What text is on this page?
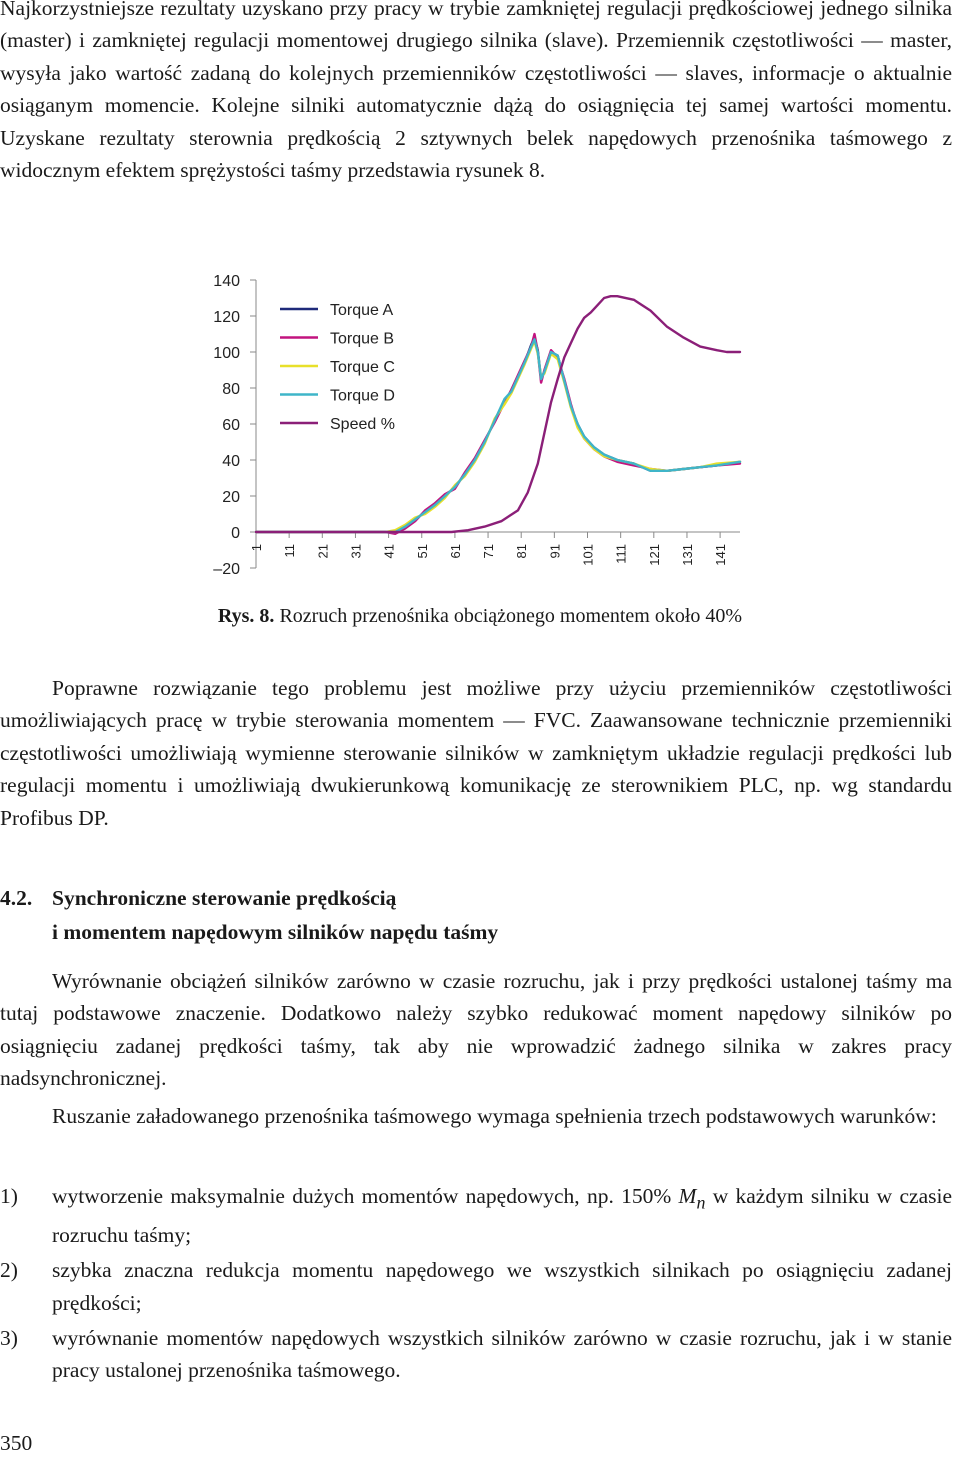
Najkorzystniejsze rezultaty uzyskano przy pracy w trybie zamkniętej regulacji prędkościowej jednego silnika (master) i zamkniętej regulacji momentowej drugiego silnika (slave). Przemiennik częstotliwości — master, wysyła jako wartość zadaną do kolejnych przemienników częstotliwości — slaves, informacje o aktualnie osiąganym momencie. Kolejne silniki automatycznie dążą do osiągnięcia tej samej wartości momentu. Uzyskane rezultaty sterownia prędkością 2 sztywnych belek napędowych przenośnika taśmowego z widocznym efektem sprężystości taśmy przedstawia rysunek 8.

140
120
100
80
60
40
20
0
–20
1 11 21 31 41 51 61 71 81 91 101 111 121 131 141
Torque A
Torque B
Torque C
Torque D
Speed %
Rys. 8. Rozruch przenośnika obciążonego momentem około 40%

Poprawne rozwiązanie tego problemu jest możliwe przy użyciu przemienników częstotliwości umożliwiających pracę w trybie sterowania momentem — FVC. Zaawansowane technicznie przemienniki częstotliwości umożliwiają wymienne sterowanie silników w zamkniętym układzie regulacji prędkości lub regulacji momentu i umożliwiają dwukierunkową komunikację ze sterownikiem PLC, np. wg standardu Profibus DP.

4.2. Synchroniczne sterowanie prędkością
i momentem napędowym silników napędu taśmy

Wyrównanie obciążeń silników zarówno w czasie rozruchu, jak i przy prędkości ustalonej taśmy ma tutaj podstawowe znaczenie. Dodatkowo należy szybko redukować moment napędowy silników po osiągnięciu zadanej prędkości taśmy, tak aby nie wprowadzić żadnego silnika w zakres pracy nadsynchronicznej.

Ruszanie załadowanego przenośnika taśmowego wymaga spełnienia trzech podstawowych warunków:

1) wytworzenie maksymalnie dużych momentów napędowych, np. 150% $M_n$ w każdym silniku w czasie rozruchu taśmy;
2) szybka znaczna redukcja momentu napędowego we wszystkich silnikach po osiągnięciu zadanej prędkości;
3) wyrównanie momentów napędowych wszystkich silników zarówno w czasie rozruchu, jak i w stanie pracy ustalonej przenośnika taśmowego.
350
